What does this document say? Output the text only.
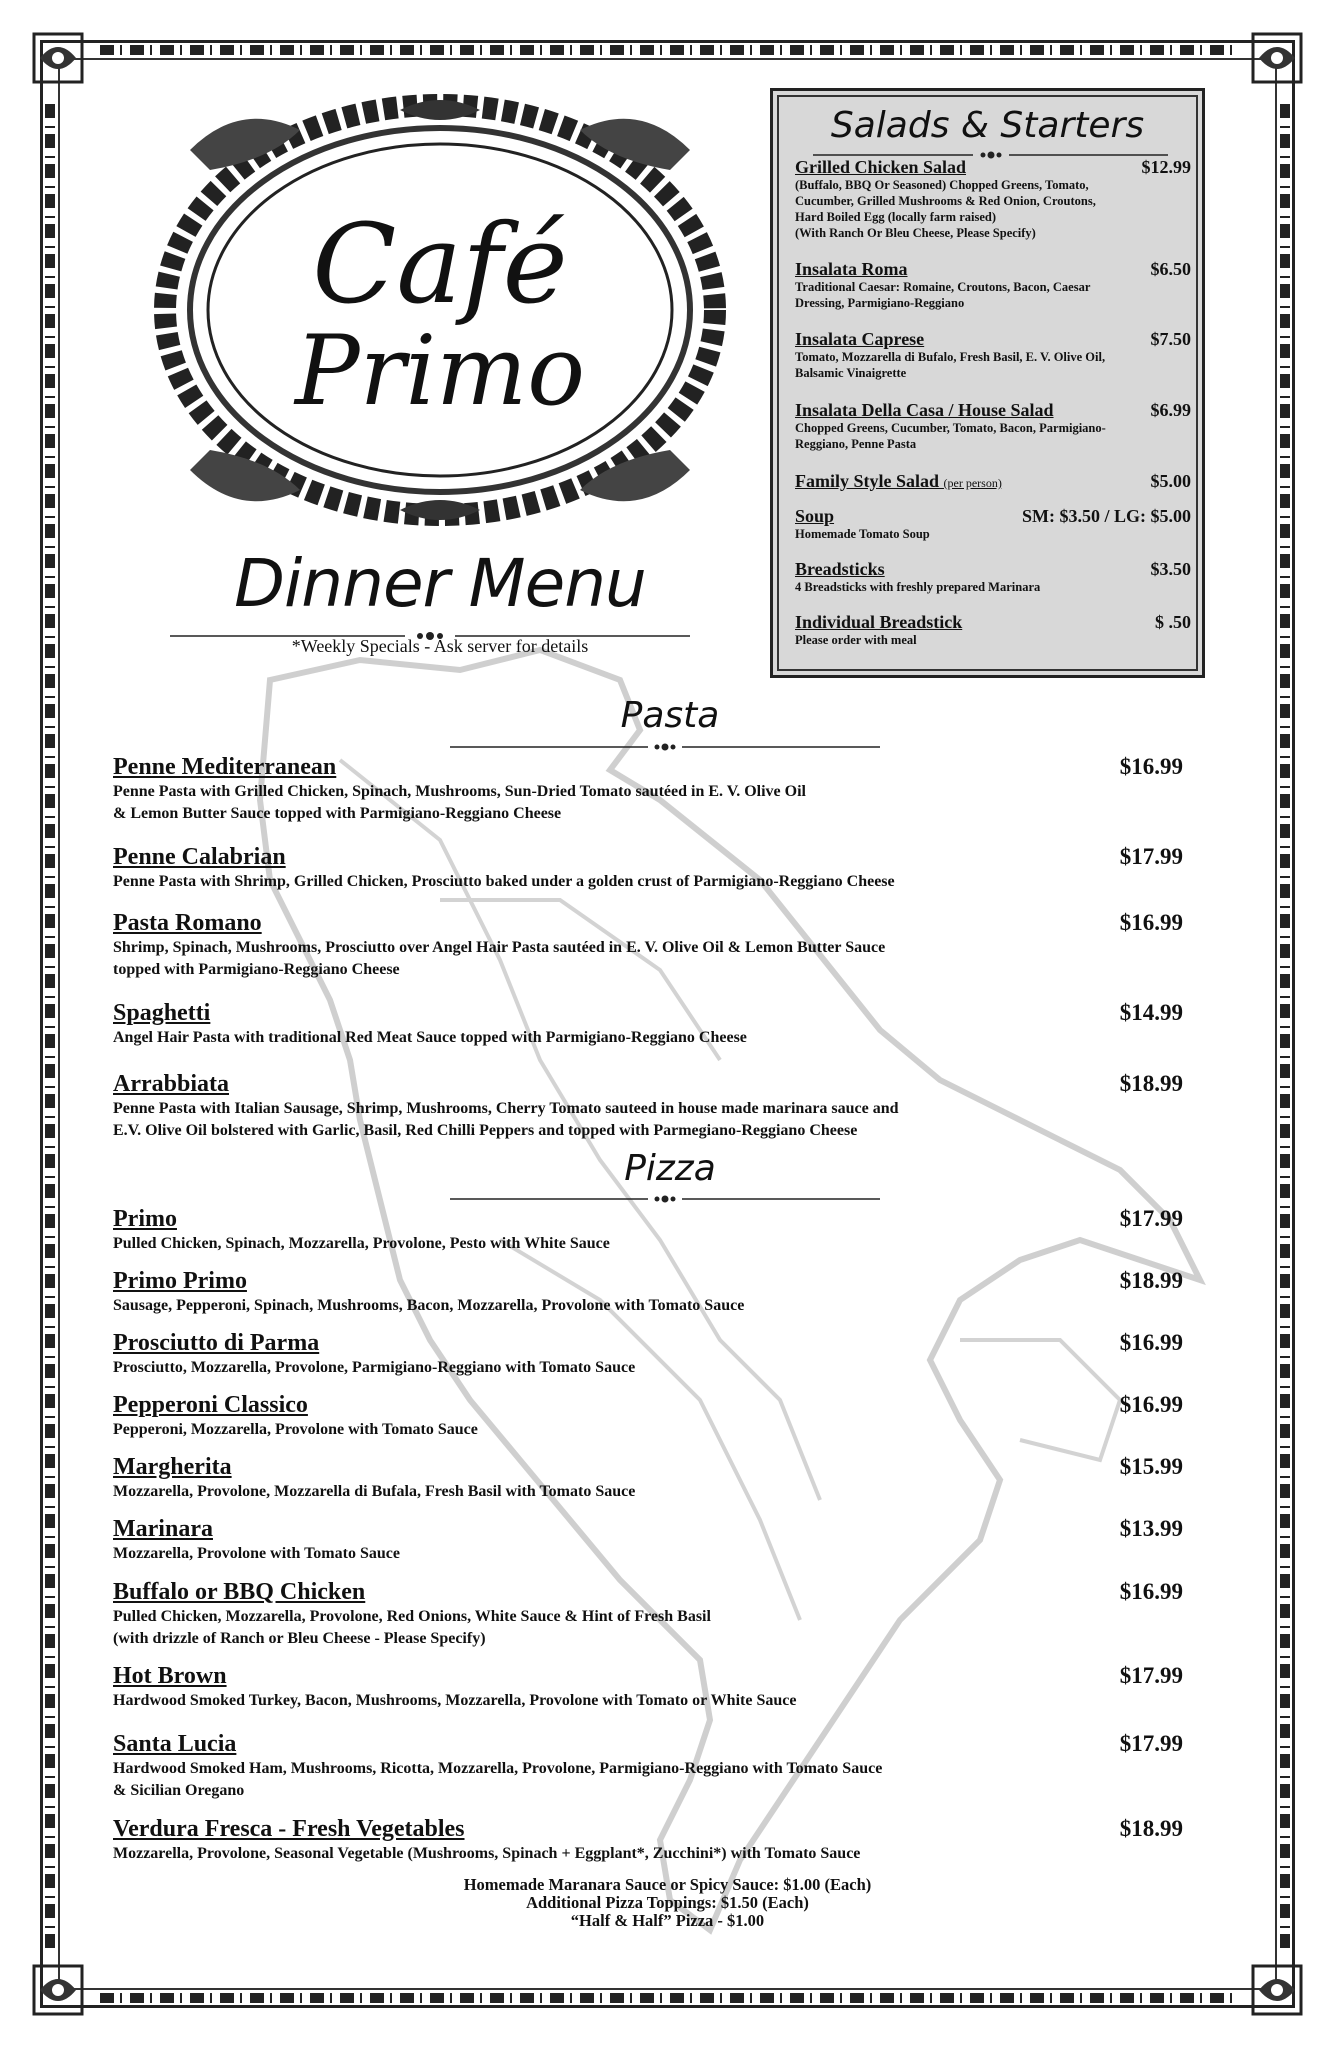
Café
Primo
Dinner Menu
*Weekly Specials - Ask server for details
Salads & Starters
Grilled Chicken Salad	$12.99
(Buffalo, BBQ Or Seasoned) Chopped Greens, Tomato,
Cucumber, Grilled Mushrooms & Red Onion, Croutons,
Hard Boiled Egg (locally farm raised)
(With Ranch Or Bleu Cheese, Please Specify)
Insalata Roma	$6.50
Traditional Caesar: Romaine, Croutons, Bacon, Caesar
Dressing, Parmigiano-Reggiano
Insalata Caprese	$7.50
Tomato, Mozzarella di Bufalo, Fresh Basil, E. V. Olive Oil,
Balsamic Vinaigrette
Insalata Della Casa / House Salad	$6.99
Chopped Greens, Cucumber, Tomato, Bacon, Parmigiano-
Reggiano, Penne Pasta
Family Style Salad (per person)	$5.00
Soup	SM: $3.50 / LG: $5.00
Homemade Tomato Soup
Breadsticks	$3.50
4 Breadsticks with freshly prepared Marinara
Individual Breadstick	$ .50
Please order with meal
Pasta
Penne Mediterranean	$16.99
Penne Pasta with Grilled Chicken, Spinach, Mushrooms, Sun-Dried Tomato sautéed in E. V. Olive Oil
& Lemon Butter Sauce topped with Parmigiano-Reggiano Cheese
Penne Calabrian	$17.99
Penne Pasta with Shrimp, Grilled Chicken, Prosciutto baked under a golden crust of Parmigiano-Reggiano Cheese
Pasta Romano	$16.99
Shrimp, Spinach, Mushrooms, Prosciutto over Angel Hair Pasta sautéed in E. V. Olive Oil & Lemon Butter Sauce
topped with Parmigiano-Reggiano Cheese
Spaghetti	$14.99
Angel Hair Pasta with traditional Red Meat Sauce topped with Parmigiano-Reggiano Cheese
Arrabbiata	$18.99
Penne Pasta with Italian Sausage, Shrimp, Mushrooms, Cherry Tomato sauteed in house made marinara sauce and
E.V. Olive Oil bolstered with Garlic, Basil, Red Chilli Peppers and topped with Parmegiano-Reggiano Cheese
Pizza
Primo	$17.99
Pulled Chicken, Spinach, Mozzarella, Provolone, Pesto with White Sauce
Primo Primo	$18.99
Sausage, Pepperoni, Spinach, Mushrooms, Bacon, Mozzarella, Provolone with Tomato Sauce
Prosciutto di Parma	$16.99
Prosciutto, Mozzarella, Provolone, Parmigiano-Reggiano with Tomato Sauce
Pepperoni Classico	$16.99
Pepperoni, Mozzarella, Provolone with Tomato Sauce
Margherita	$15.99
Mozzarella, Provolone, Mozzarella di Bufala, Fresh Basil with Tomato Sauce
Marinara	$13.99
Mozzarella, Provolone with Tomato Sauce
Buffalo or BBQ Chicken	$16.99
Pulled Chicken, Mozzarella, Provolone, Red Onions, White Sauce & Hint of Fresh Basil
(with drizzle of Ranch or Bleu Cheese - Please Specify)
Hot Brown	$17.99
Hardwood Smoked Turkey, Bacon, Mushrooms, Mozzarella, Provolone with Tomato or White Sauce
Santa Lucia	$17.99
Hardwood Smoked Ham, Mushrooms, Ricotta, Mozzarella, Provolone, Parmigiano-Reggiano with Tomato Sauce
& Sicilian Oregano
Verdura Fresca - Fresh Vegetables	$18.99
Mozzarella, Provolone, Seasonal Vegetable (Mushrooms, Spinach + Eggplant*, Zucchini*) with Tomato Sauce
Homemade Maranara Sauce or Spicy Sauce: $1.00 (Each)
Additional Pizza Toppings: $1.50 (Each)
“Half & Half” Pizza - $1.00
